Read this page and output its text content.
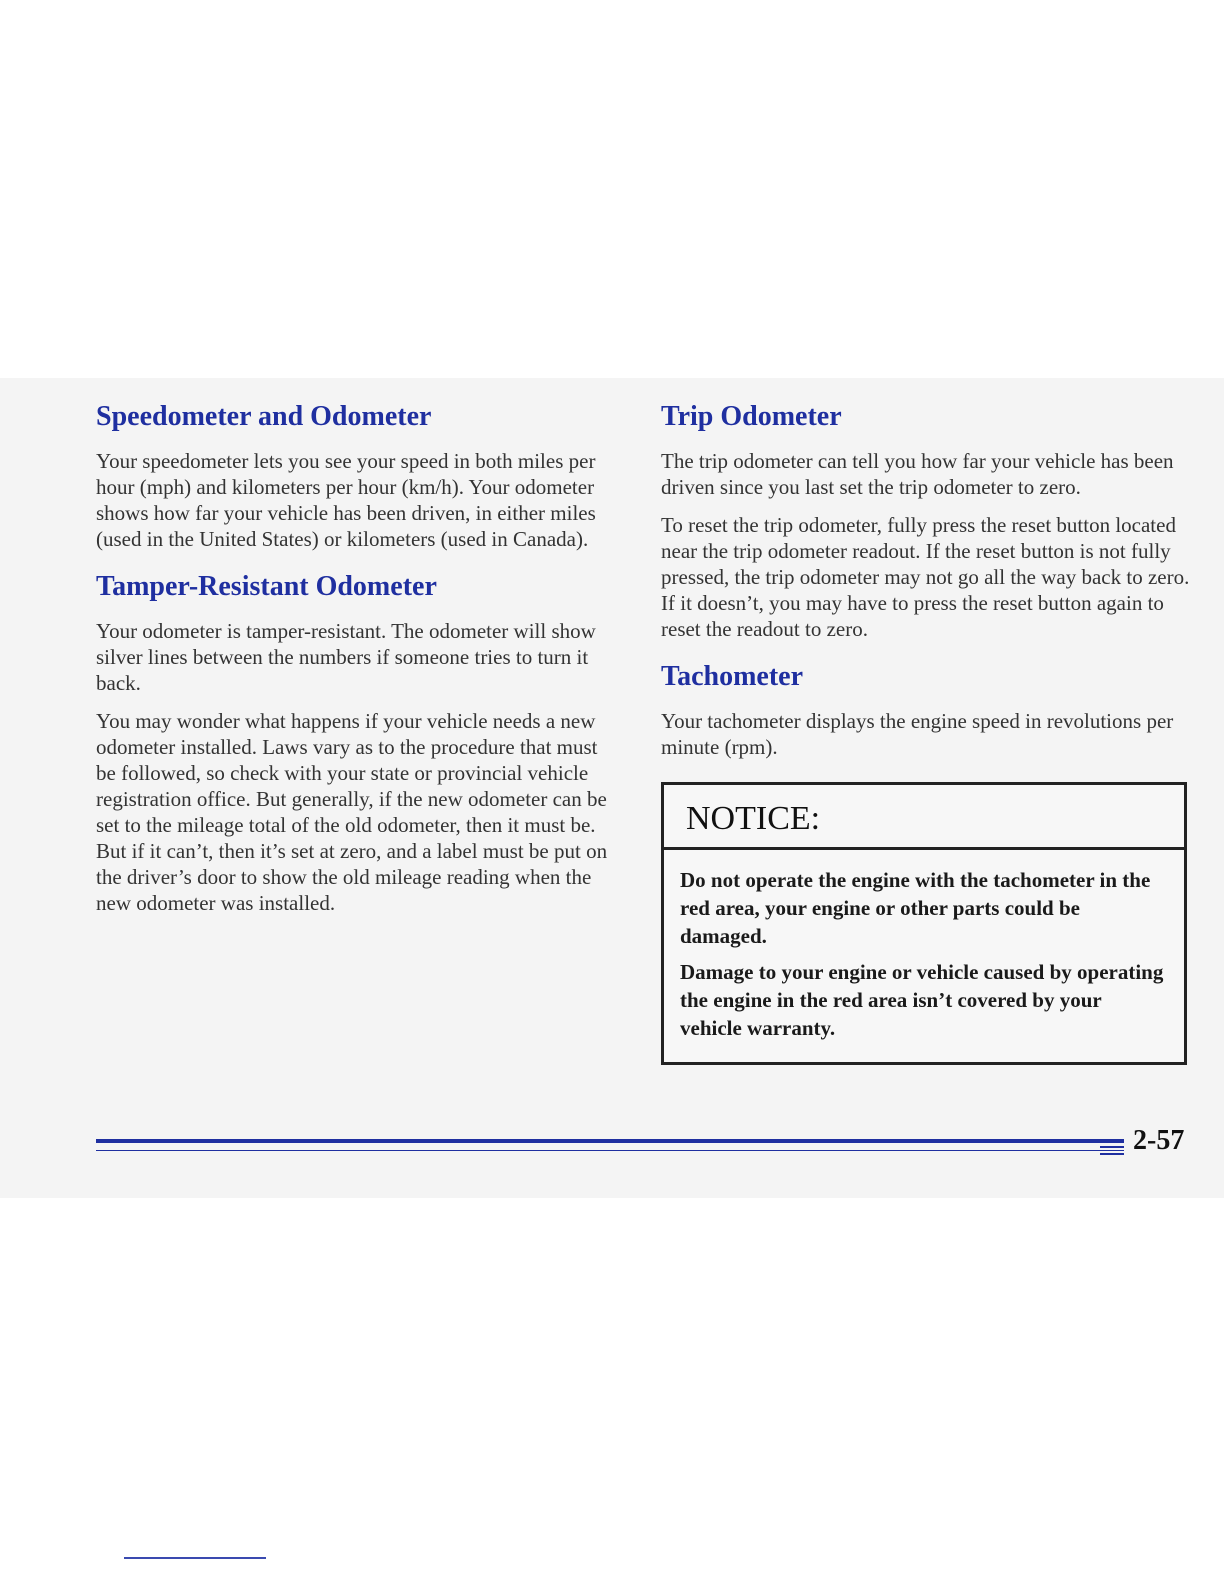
Speedometer and Odometer

Your speedometer lets you see your speed in both miles per hour (mph) and kilometers per hour (km/h). Your odometer shows how far your vehicle has been driven, in either miles (used in the United States) or kilometers (used in Canada).

Tamper-Resistant Odometer

Your odometer is tamper-resistant. The odometer will show silver lines between the numbers if someone tries to turn it back.

You may wonder what happens if your vehicle needs a new odometer installed. Laws vary as to the procedure that must be followed, so check with your state or provincial vehicle registration office. But generally, if the new odometer can be set to the mileage total of the old odometer, then it must be. But if it can’t, then it’s set at zero, and a label must be put on the driver’s door to show the old mileage reading when the new odometer was installed.

Trip Odometer

The trip odometer can tell you how far your vehicle has been driven since you last set the trip odometer to zero.

To reset the trip odometer, fully press the reset button located near the trip odometer readout. If the reset button is not fully pressed, the trip odometer may not go all the way back to zero. If it doesn’t, you may have to press the reset button again to reset the readout to zero.

Tachometer

Your tachometer displays the engine speed in revolutions per minute (rpm).

NOTICE:

Do not operate the engine with the tachometer in the red area, your engine or other parts could be damaged.

Damage to your engine or vehicle caused by operating the engine in the red area isn’t covered by your vehicle warranty.

2-57
